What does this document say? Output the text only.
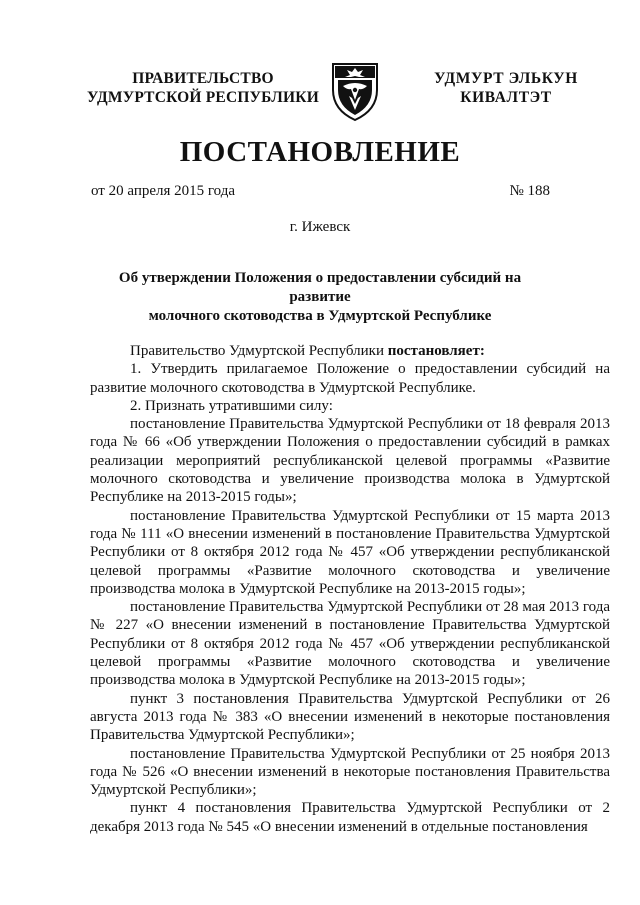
ПРАВИТЕЛЬСТВО
УДМУРТСКОЙ РЕСПУБЛИКИ
УДМУРТ ЭЛЬКУН
КИВАЛТЭТ
ПОСТАНОВЛЕНИЕ
от 20 апреля 2015 года	№ 188
г. Ижевск
Об утверждении Положения о предоставлении субсидий на развитие
молочного скотоводства в Удмуртской Республике

Правительство Удмуртской Республики постановляет:

1. Утвердить прилагаемое Положение о предоставлении субсидий на развитие молочного скотоводства в Удмуртской Республике.

2. Признать утратившими силу:

постановление Правительства Удмуртской Республики от 18 февраля 2013 года № 66 «Об утверждении Положения о предоставлении субсидий в рамках реализации мероприятий республиканской целевой программы «Развитие молочного скотоводства и увеличение производства молока в Удмуртской Республике на 2013-2015 годы»;

постановление Правительства Удмуртской Республики от 15 марта 2013 года № 111 «О внесении изменений в постановление Правительства Удмуртской Республики от 8 октября 2012 года № 457 «Об утверждении республиканской целевой программы «Развитие молочного скотоводства и увеличение производства молока в Удмуртской Республике на 2013-2015 годы»;

постановление Правительства Удмуртской Республики от 28 мая 2013 года № 227 «О внесении изменений в постановление Правительства Удмуртской Республики от 8 октября 2012 года № 457 «Об утверждении республиканской целевой программы «Развитие молочного скотоводства и увеличение производства молока в Удмуртской Республике на 2013-2015 годы»;

пункт 3 постановления Правительства Удмуртской Республики от 26 августа 2013 года № 383 «О внесении изменений в некоторые постановления Правительства Удмуртской Республики»;

постановление Правительства Удмуртской Республики от 25 ноября 2013 года № 526 «О внесении изменений в некоторые постановления Правительства Удмуртской Республики»;

пункт 4 постановления Правительства Удмуртской Республики от 2 декабря 2013 года № 545 «О внесении изменений в отдельные постановления
